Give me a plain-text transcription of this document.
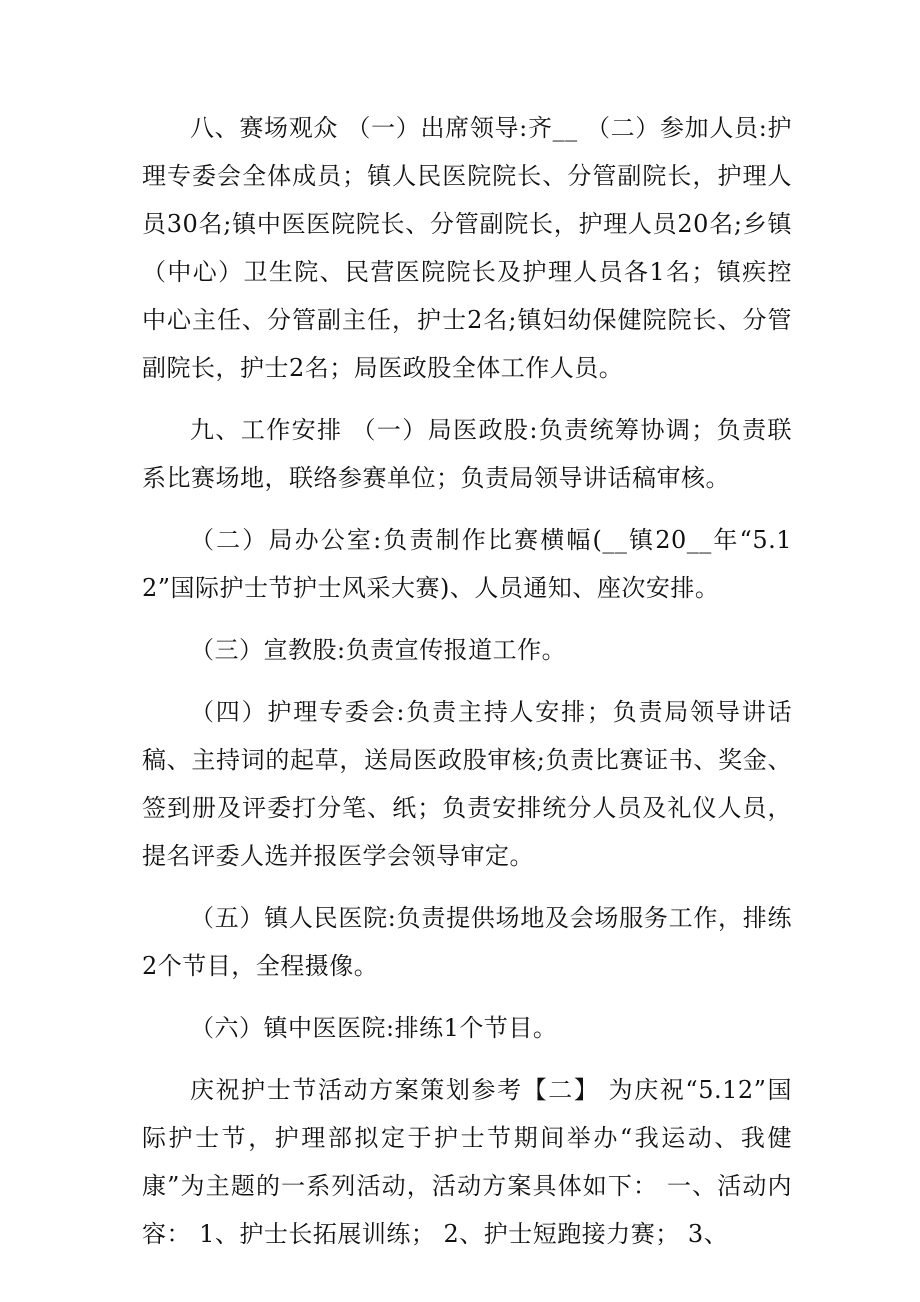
八、赛场观众 （一）出席领导:齐__ （二）参加人员:护理专委会全体成员；镇人民医院院长、分管副院长，护理人员30名;镇中医医院院长、分管副院长，护理人员20名;乡镇（中心）卫生院、民营医院院长及护理人员各1名；镇疾控中心主任、分管副主任，护士2名;镇妇幼保健院院长、分管副院长，护士2名；局医政股全体工作人员。

九、工作安排 （一）局医政股:负责统筹协调；负责联系比赛场地，联络参赛单位；负责局领导讲话稿审核。

（二）局办公室:负责制作比赛横幅(__镇20__年“5.12”国际护士节护士风采大赛)、人员通知、座次安排。

（三）宣教股:负责宣传报道工作。

（四）护理专委会:负责主持人安排；负责局领导讲话稿、主持词的起草，送局医政股审核;负责比赛证书、奖金、签到册及评委打分笔、纸；负责安排统分人员及礼仪人员，提名评委人选并报医学会领导审定。

（五）镇人民医院:负责提供场地及会场服务工作，排练2个节目，全程摄像。

（六）镇中医医院:排练1个节目。

庆祝护士节活动方案策划参考【二】 为庆祝“5.12”国际护士节，护理部拟定于护士节期间举办“我运动、我健康”为主题的一系列活动，活动方案具体如下： 一、活动内容： 1、护士长拓展训练； 2、护士短跑接力赛； 3、
